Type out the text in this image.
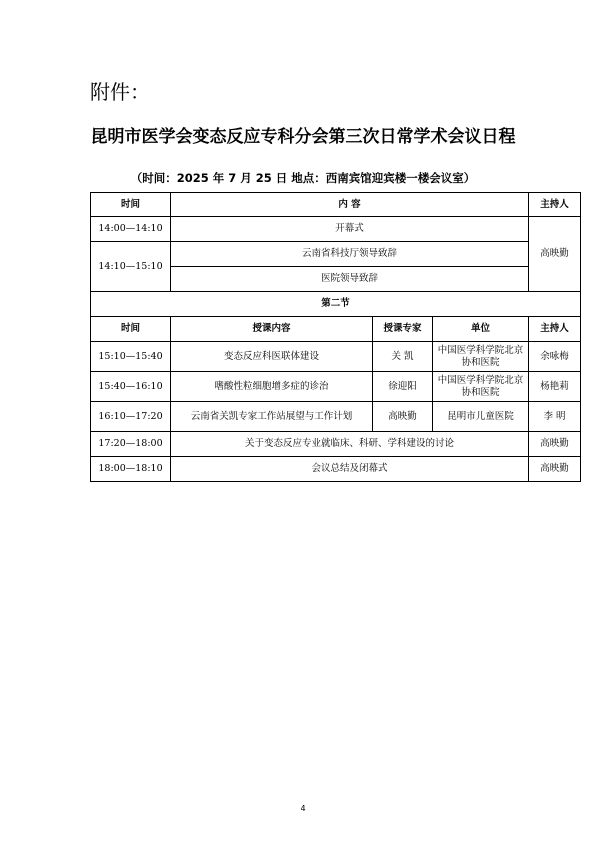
附件：
昆明市医学会变态反应专科分会第三次日常学术会议日程
（时间：2025 年 7 月 25 日 地点：西南宾馆迎宾楼一楼会议室）
时间	内 容	主持人
14:00—14:10	开幕式	高映勤
14:10—15:10	云南省科技厅领导致辞	
	医院领导致辞	
第二节				
时间	授课内容	授课专家	单位	主持人
15:10—15:40	变态反应科医联体建设	关 凯	中国医学科学院北京协和医院	余咏梅
15:40—16:10	嗜酸性粒细胞增多症的诊治	徐迎阳	中国医学科学院北京协和医院	杨艳莉
16:10—17:20	云南省关凯专家工作站展望与工作计划	高映勤	昆明市儿童医院	李 明
17:20—18:00	关于变态反应专业就临床、科研、学科建设的讨论			高映勤
18:00—18:10	会议总结及闭幕式			高映勤
4
